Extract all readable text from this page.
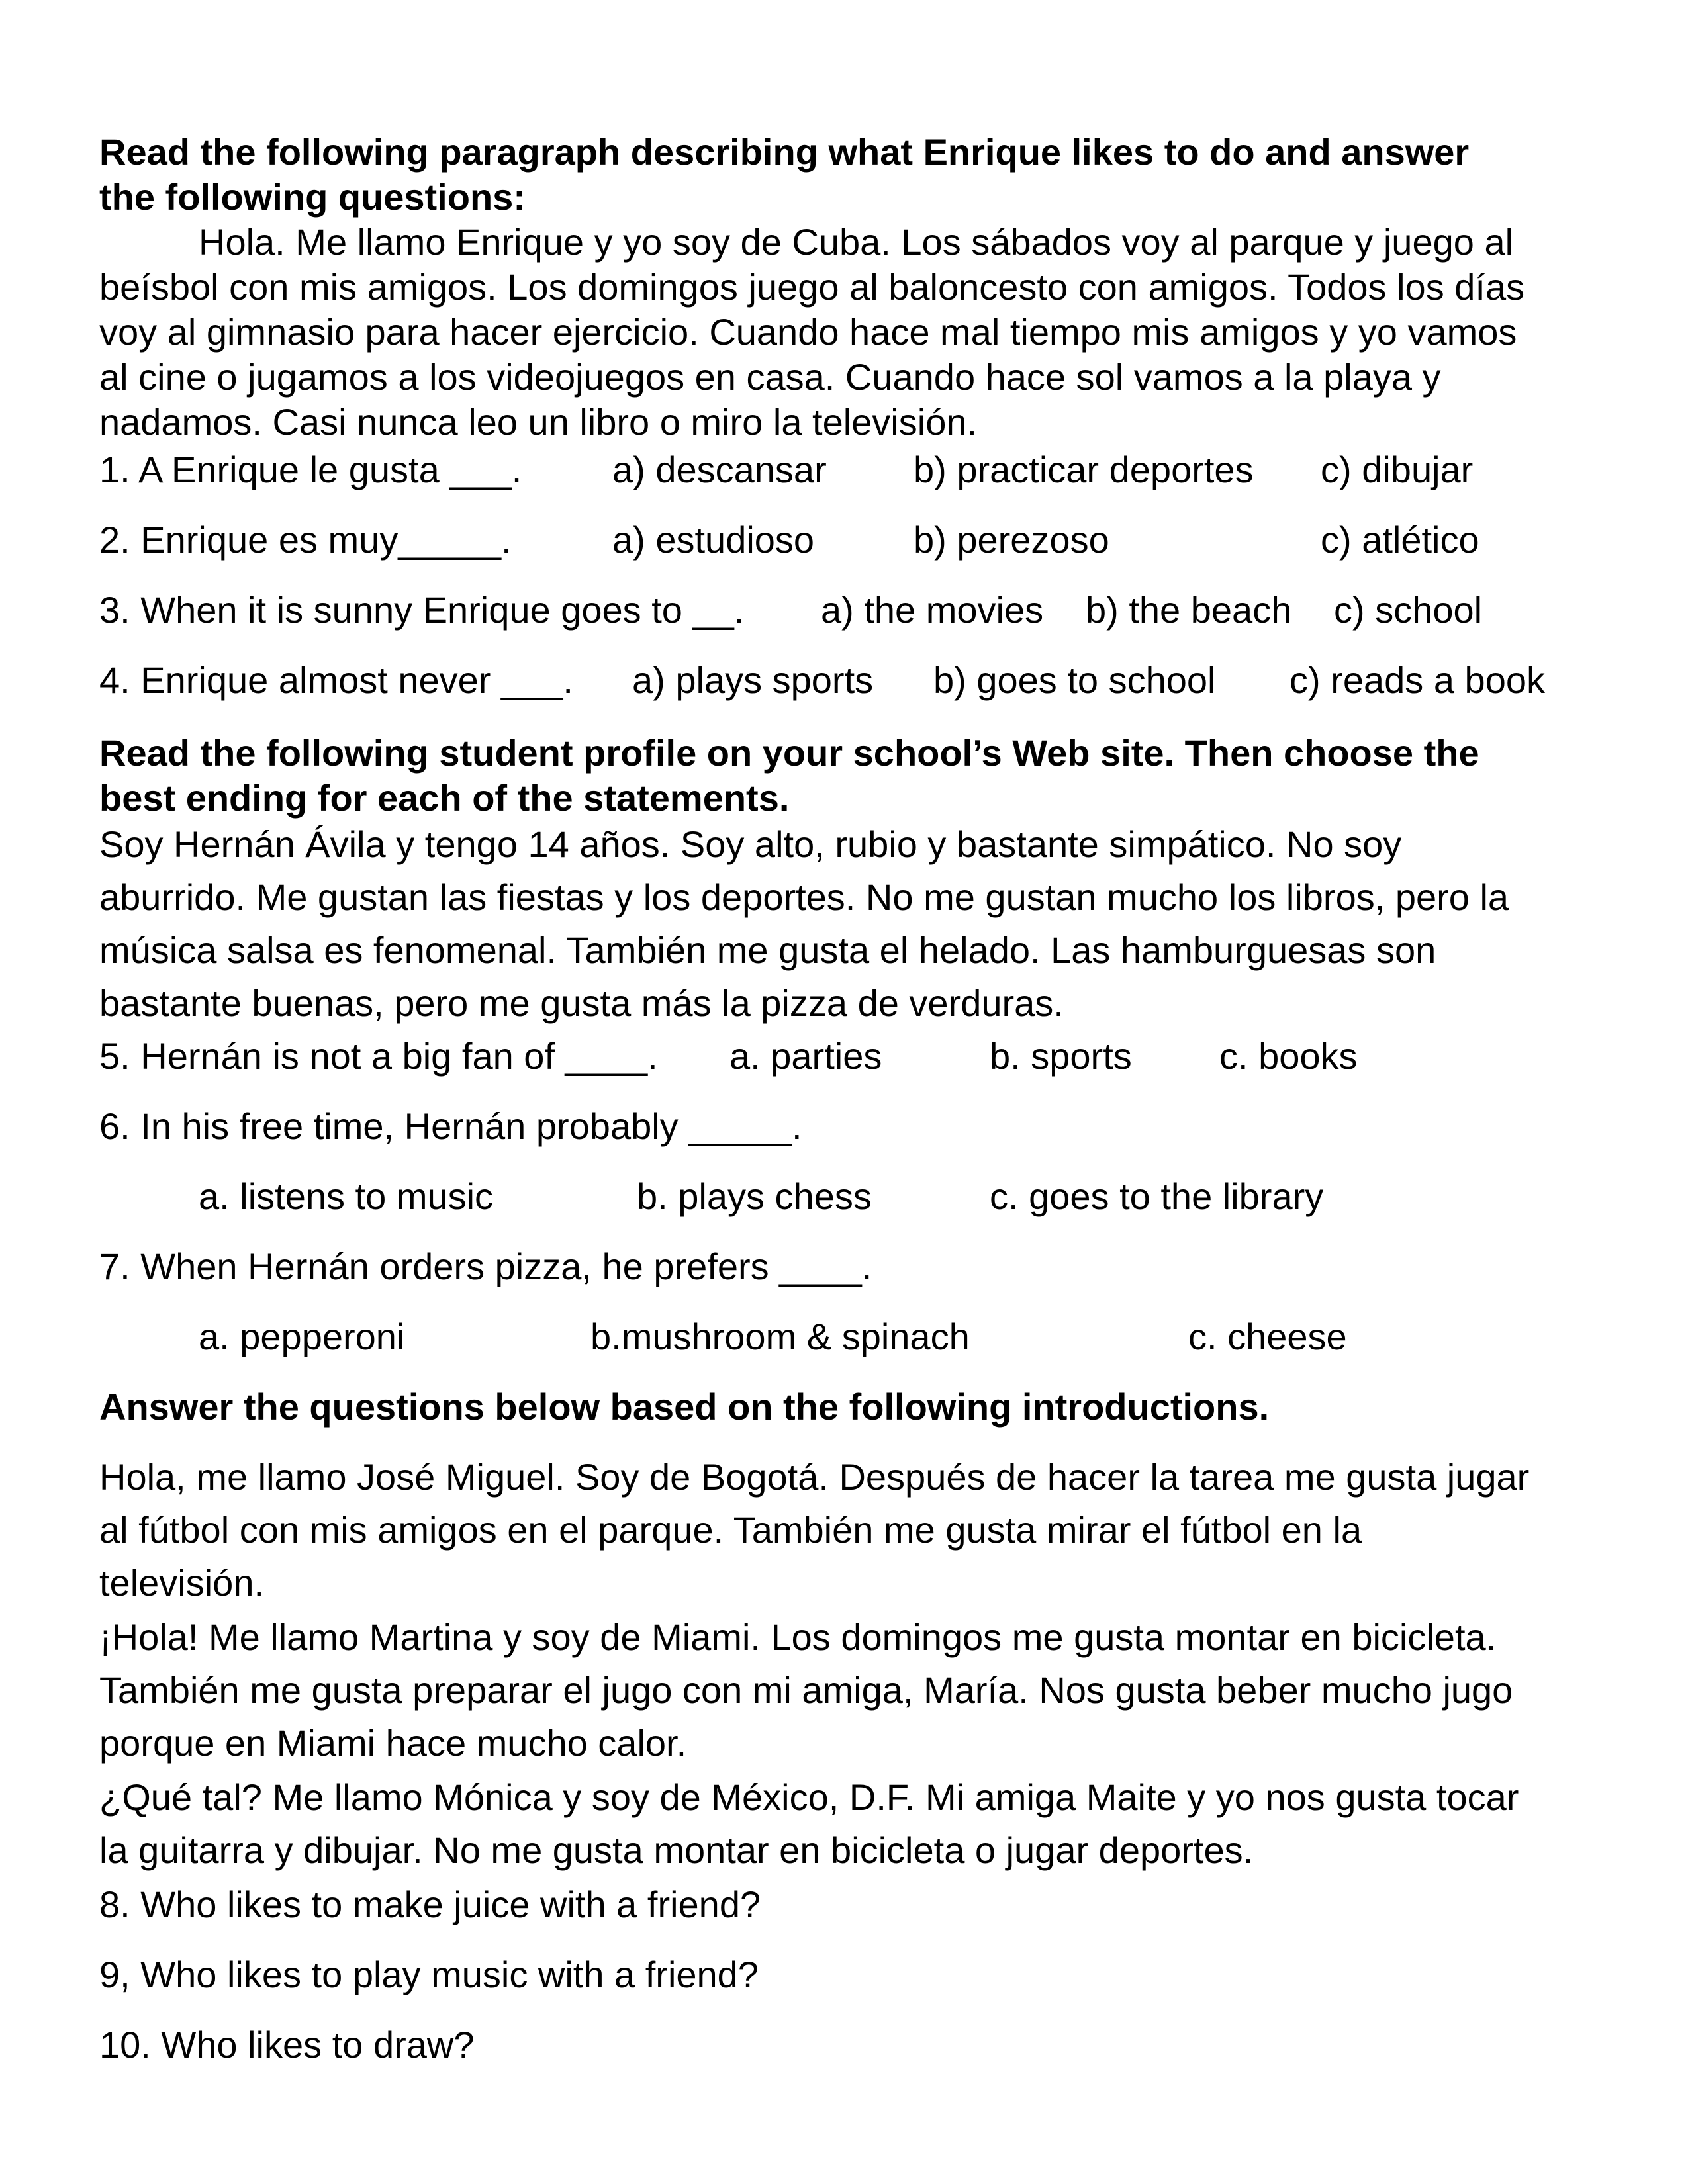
Read the following paragraph describing what Enrique likes to do and answer

the following questions:

Hola. Me llamo Enrique y yo soy de Cuba. Los sábados voy al parque y juego al

beísbol con mis amigos. Los domingos juego al baloncesto con amigos. Todos los días

voy al gimnasio para hacer ejercicio. Cuando hace mal tiempo mis amigos y yo vamos

al cine o jugamos a los videojuegos en casa. Cuando hace sol vamos a la playa y

nadamos. Casi nunca leo un libro o miro la televisión.

1. A Enrique le gusta ___. a) descansar b) practicar deportes c) dibujar

2. Enrique es muy_____.	a) estudioso	b) perezoso	c) atlético

3. When it is sunny Enrique goes to __. a) the movies b) the beach c) school

4. Enrique almost never ___. a) plays sports b) goes to school c) reads a book

Read the following student profile on your school’s Web site. Then choose the

best ending for each of the statements.

Soy Hernán Ávila y tengo 14 años. Soy alto, rubio y bastante simpático. No soy

aburrido. Me gustan las fiestas y los deportes. No me gustan mucho los libros, pero la

música salsa es fenomenal. También me gusta el helado. Las hamburguesas son

bastante buenas, pero me gusta más la pizza de verduras.

5. Hernán is not a big fan of ____. a. parties	b. sports c. books

6. In his free time, Hernán probably _____.

a. listens to music	b. plays chess	c. goes to the library

7. When Hernán orders pizza, he prefers ____.

a. pepperoni	b.mushroom & spinach	c. cheese

Answer the questions below based on the following introductions.

Hola, me llamo José Miguel. Soy de Bogotá. Después de hacer la tarea me gusta jugar

al fútbol con mis amigos en el parque. También me gusta mirar el fútbol en la

televisión.

¡Hola! Me llamo Martina y soy de Miami. Los domingos me gusta montar en bicicleta.

También me gusta preparar el jugo con mi amiga, María. Nos gusta beber mucho jugo

porque en Miami hace mucho calor.

¿Qué tal? Me llamo Mónica y soy de México, D.F. Mi amiga Maite y yo nos gusta tocar

la guitarra y dibujar. No me gusta montar en bicicleta o jugar deportes.

8. Who likes to make juice with a friend?

9, Who likes to play music with a friend?

10. Who likes to draw?
